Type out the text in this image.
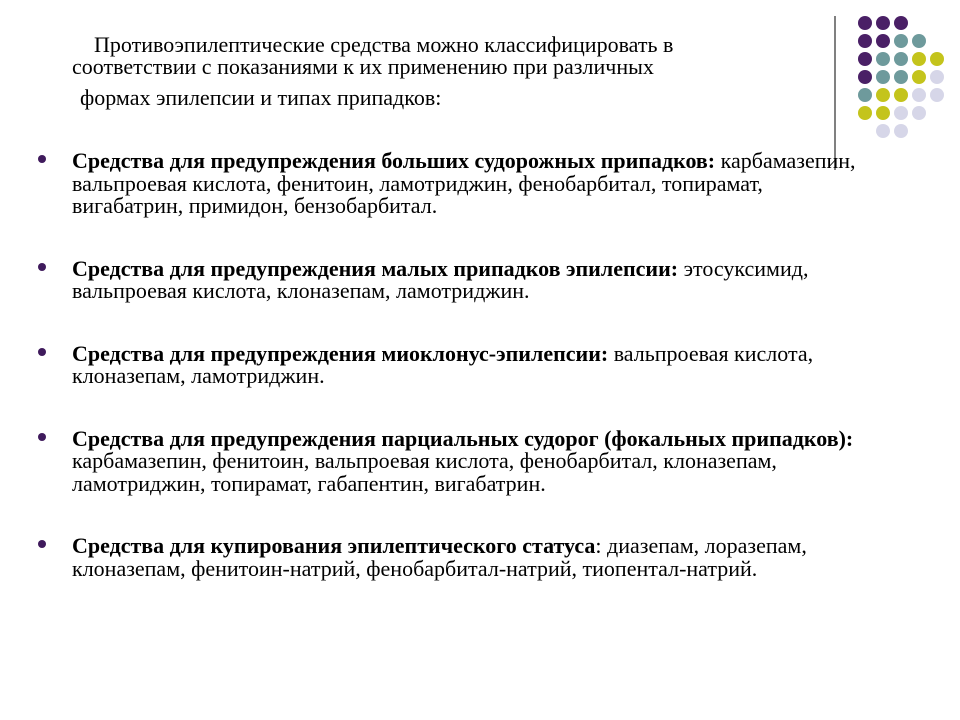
Противоэпилептические средства можно классифицировать в
соответствии с показаниями к их применению при различных
формах эпилепсии и типах припадков:
Средства для предупреждения больших судорожных припадков: карбамазепин, вальпроевая кислота, фенитоин, ламотриджин, фенобарбитал, топирамат, вигабатрин, примидон, бензобарбитал.
Средства для предупреждения малых припадков эпилепсии: этосуксимид, вальпроевая кислота, клоназепам, ламотриджин.
Средства для предупреждения миоклонус-эпилепсии: вальпроевая кислота, клоназепам, ламотриджин.
Средства для предупреждения парциальных судорог (фокальных припадков): карбамазепин, фенитоин, вальпроевая кислота, фенобарбитал, клоназепам, ламотриджин, топирамат, габапентин, вигабатрин.
Средства для купирования эпилептического статуса: диазепам, лоразепам, клоназепам, фенитоин-натрий, фенобарбитал-натрий, тиопентал-натрий.
